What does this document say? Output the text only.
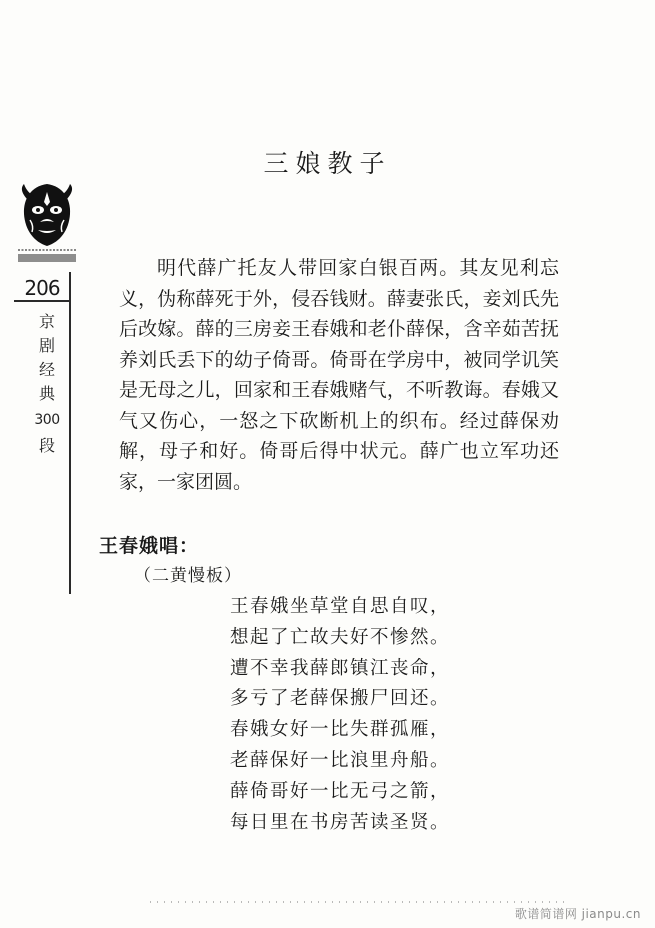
三娘教子
206
京剧经典
300
段
明代薛广托友人带回家白银百两。其友见利忘义，伪称薛死于外，侵吞钱财。薛妻张氏，妾刘氏先后改嫁。薛的三房妾王春娥和老仆薛保，含辛茹苦抚养刘氏丢下的幼子倚哥。倚哥在学房中，被同学讥笑是无母之儿，回家和王春娥赌气，不听教诲。春娥又气又伤心，一怒之下砍断机上的织布。经过薛保劝解，母子和好。倚哥后得中状元。薛广也立军功还家，一家团圆。
王春娥唱：
（二黄慢板）
王春娥坐草堂自思自叹，
想起了亡故夫好不惨然。
遭不幸我薛郎镇江丧命，
多亏了老薛保搬尸回还。
春娥女好一比失群孤雁，
老薛保好一比浪里舟船。
薛倚哥好一比无弓之箭，
每日里在书房苦读圣贤。
歌谱简谱网 jianpu.cn
